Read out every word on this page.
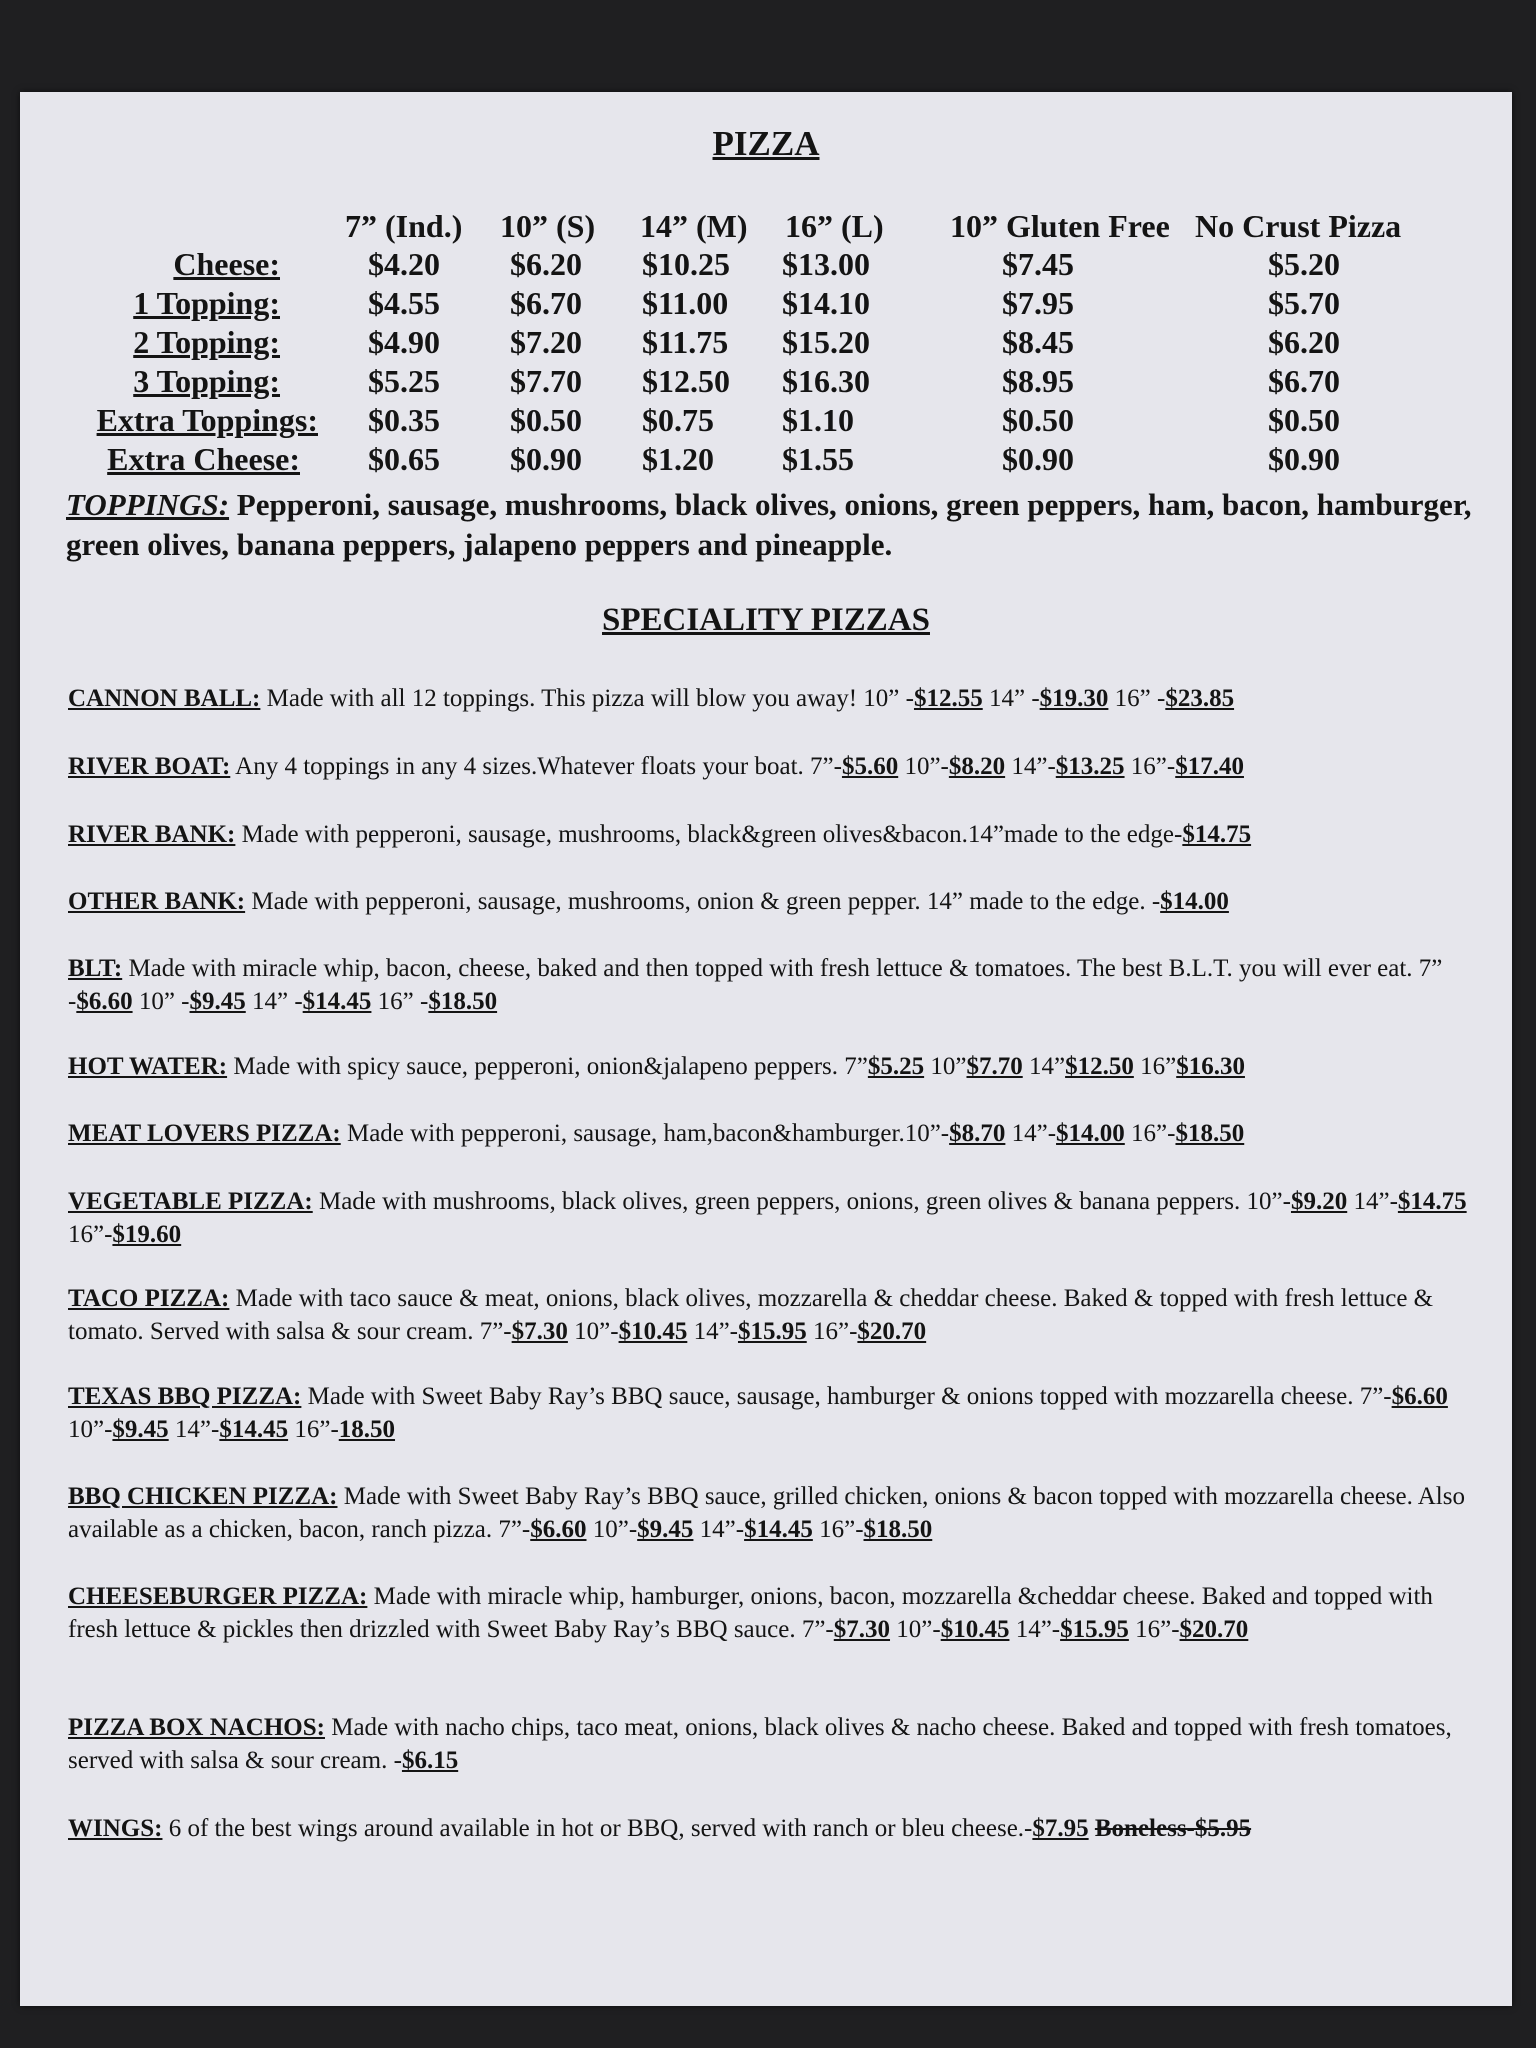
PIZZA
7” (Ind.) 10” (S) 14” (M) 16” (L) 10” Gluten Free No Crust Pizza
Cheese:	$4.20 $6.20 $10.25 $13.00	$7.45	$5.20
1 Topping:	$4.55 $6.70 $11.00 $14.10	$7.95	$5.70
2 Topping:	$4.90 $7.20 $11.75 $15.20	$8.45	$6.20
3 Topping:	$5.25 $7.70 $12.50 $16.30	$8.95	$6.70
Extra Toppings: $0.35 $0.50 $0.75 $1.10	$0.50	$0.50
Extra Cheese: $0.65 $0.90 $1.20 $1.55	$0.90	$0.90
TOPPINGS: Pepperoni, sausage, mushrooms, black olives, onions, green peppers, ham, bacon, hamburger, green olives, banana peppers, jalapeno peppers and pineapple.
SPECIALITY PIZZAS
CANNON BALL: Made with all 12 toppings. This pizza will blow you away! 10” -$12.55 14” -$19.30 16” -$23.85
RIVER BOAT: Any 4 toppings in any 4 sizes.Whatever floats your boat. 7”-$5.60 10”-$8.20 14”-$13.25 16”-$17.40
RIVER BANK: Made with pepperoni, sausage, mushrooms, black&green olives&bacon.14”made to the edge-$14.75
OTHER BANK: Made with pepperoni, sausage, mushrooms, onion & green pepper. 14” made to the edge. -$14.00
BLT: Made with miracle whip, bacon, cheese, baked and then topped with fresh lettuce & tomatoes. The best B.L.T. you will ever eat. 7” -$6.60 10” -$9.45 14” -$14.45 16” -$18.50
HOT WATER: Made with spicy sauce, pepperoni, onion&jalapeno peppers. 7”$5.25 10”$7.70 14”$12.50 16”$16.30
MEAT LOVERS PIZZA: Made with pepperoni, sausage, ham,bacon&hamburger.10”-$8.70 14”-$14.00 16”-$18.50
VEGETABLE PIZZA: Made with mushrooms, black olives, green peppers, onions, green olives & banana peppers. 10”-$9.20 14”-$14.75 16”-$19.60
TACO PIZZA: Made with taco sauce & meat, onions, black olives, mozzarella & cheddar cheese. Baked & topped with fresh lettuce & tomato. Served with salsa & sour cream. 7”-$7.30 10”-$10.45 14”-$15.95 16”-$20.70
TEXAS BBQ PIZZA: Made with Sweet Baby Ray’s BBQ sauce, sausage, hamburger & onions topped with mozzarella cheese. 7”-$6.60 10”-$9.45 14”-$14.45 16”-18.50
BBQ CHICKEN PIZZA: Made with Sweet Baby Ray’s BBQ sauce, grilled chicken, onions & bacon topped with mozzarella cheese. Also available as a chicken, bacon, ranch pizza. 7”-$6.60 10”-$9.45 14”-$14.45 16”-$18.50
CHEESEBURGER PIZZA: Made with miracle whip, hamburger, onions, bacon, mozzarella &cheddar cheese. Baked and topped with fresh lettuce & pickles then drizzled with Sweet Baby Ray’s BBQ sauce. 7”-$7.30 10”-$10.45 14”-$15.95 16”-$20.70
PIZZA BOX NACHOS: Made with nacho chips, taco meat, onions, black olives & nacho cheese. Baked and topped with fresh tomatoes, served with salsa & sour cream. -$6.15
WINGS: 6 of the best wings around available in hot or BBQ, served with ranch or bleu cheese.-$7.95 Boneless-$5.95
